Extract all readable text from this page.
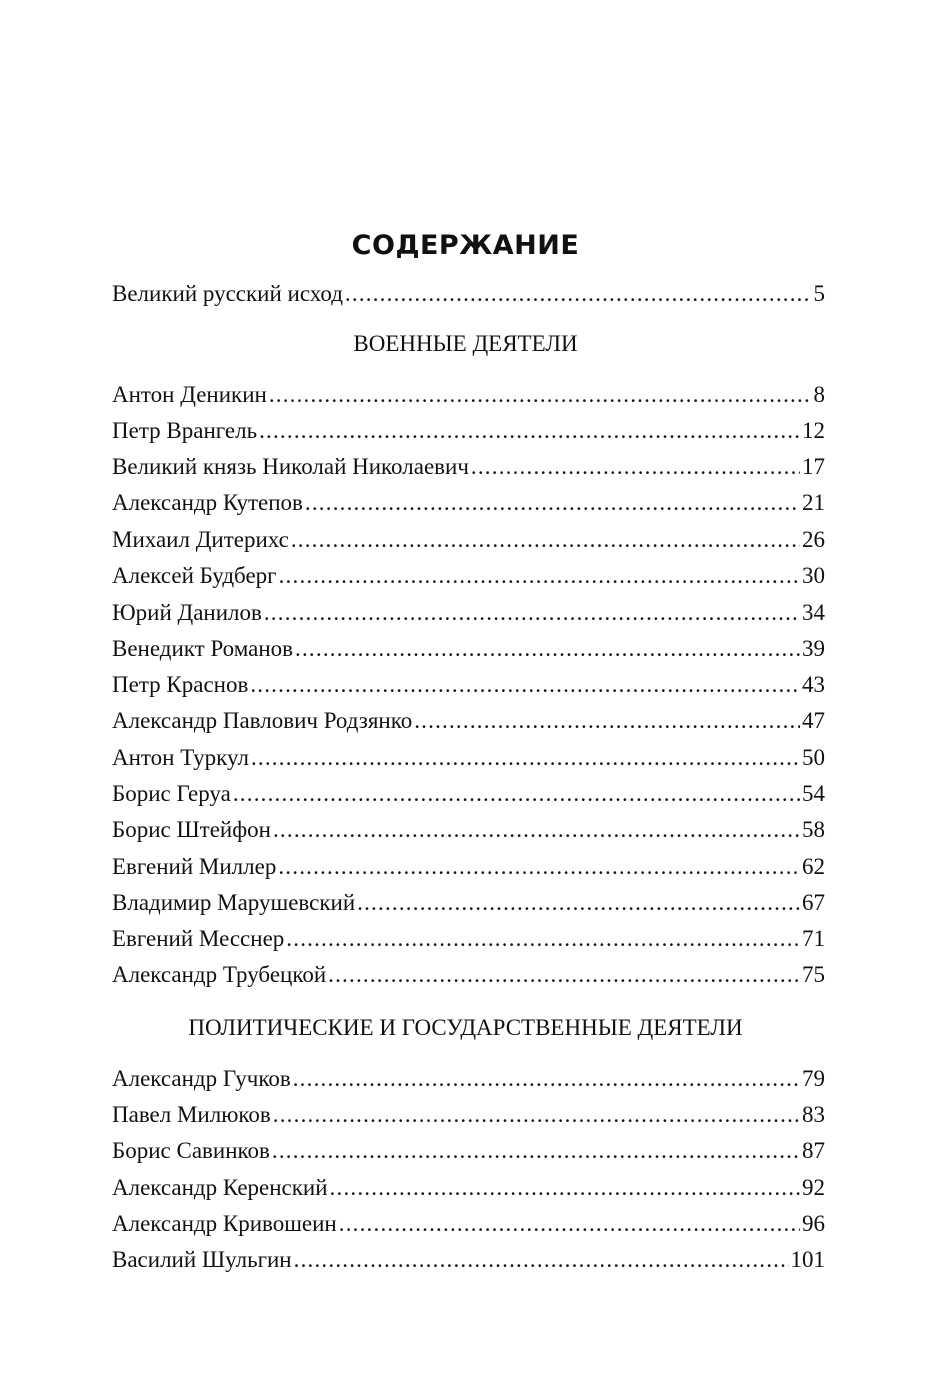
СОДЕРЖАНИЕ
Великий русский исход .....	5
ВОЕННЫЕ ДЕЯТЕЛИ
Антон Деникин .....	8
Петр Врангель .....	12
Великий князь Николай Николаевич .....	17
Александр Кутепов .....	21
Михаил Дитерихс .....	26
Алексей Будберг .....	30
Юрий Данилов .....	34
Венедикт Романов .....	39
Петр Краснов .....	43
Александр Павлович Родзянко .....	47
Антон Туркул .....	50
Борис Геруа .....	54
Борис Штейфон .....	58
Евгений Миллер .....	62
Владимир Марушевский .....	67
Евгений Месснер .....	71
Александр Трубецкой .....	75
ПОЛИТИЧЕСКИЕ И ГОСУДАРСТВЕННЫЕ ДЕЯТЕЛИ
Александр Гучков .....	79
Павел Милюков .....	83
Борис Савинков .....	87
Александр Керенский .....	92
Александр Кривошеин .....	96
Василий Шульгин .....	101
